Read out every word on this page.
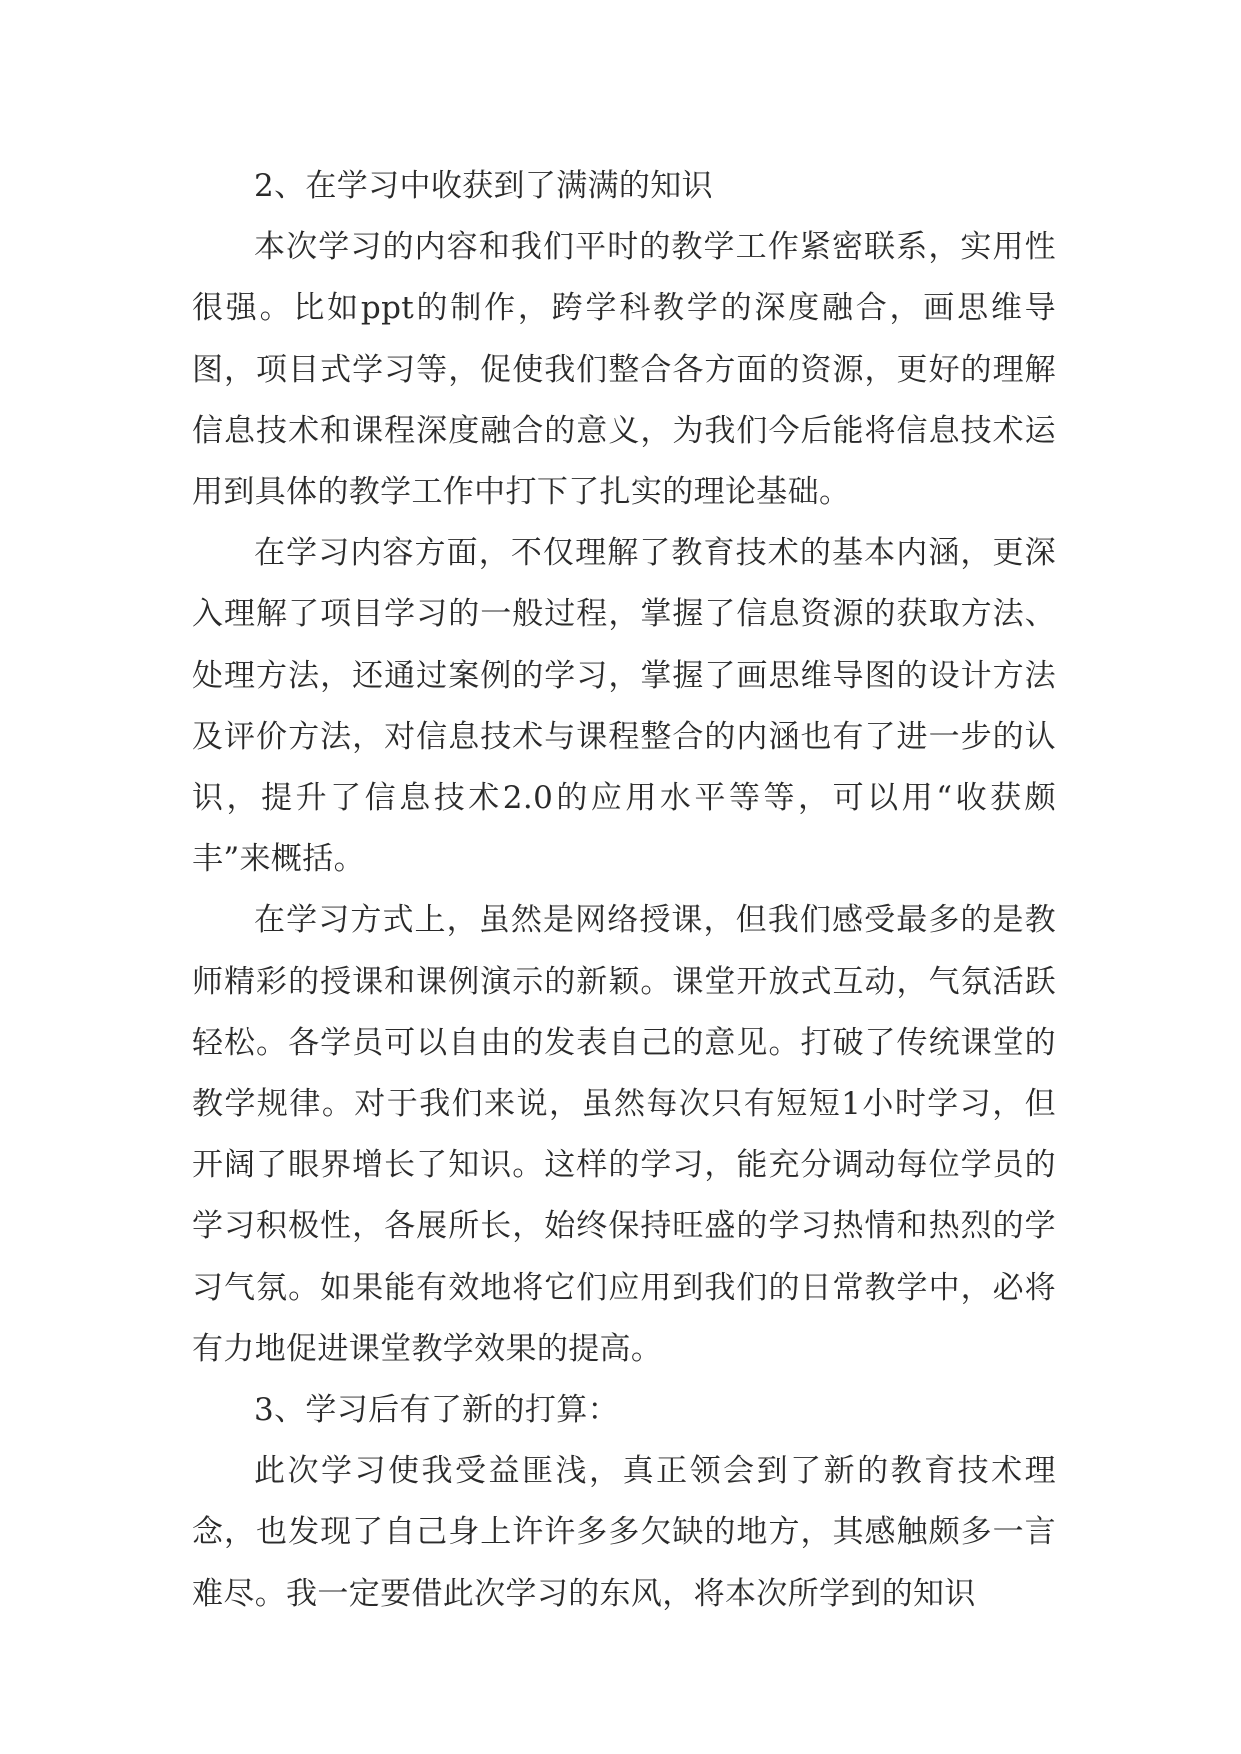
2、在学习中收获到了满满的知识

本次学习的内容和我们平时的教学工作紧密联系，实用性很强。比如ppt的制作，跨学科教学的深度融合，画思维导图，项目式学习等，促使我们整合各方面的资源，更好的理解信息技术和课程深度融合的意义，为我们今后能将信息技术运用到具体的教学工作中打下了扎实的理论基础。

在学习内容方面，不仅理解了教育技术的基本内涵，更深入理解了项目学习的一般过程，掌握了信息资源的获取方法、处理方法，还通过案例的学习，掌握了画思维导图的设计方法及评价方法，对信息技术与课程整合的内涵也有了进一步的认识，提升了信息技术2.0的应用水平等等，可以用“收获颇丰”来概括。

在学习方式上，虽然是网络授课，但我们感受最多的是教师精彩的授课和课例演示的新颖。课堂开放式互动，气氛活跃轻松。各学员可以自由的发表自己的意见。打破了传统课堂的教学规律。对于我们来说，虽然每次只有短短1小时学习，但开阔了眼界增长了知识。这样的学习，能充分调动每位学员的学习积极性，各展所长，始终保持旺盛的学习热情和热烈的学习气氛。如果能有效地将它们应用到我们的日常教学中，必将有力地促进课堂教学效果的提高。

3、学习后有了新的打算：

此次学习使我受益匪浅，真正领会到了新的教育技术理念，也发现了自己身上许许多多欠缺的地方，其感触颇多一言难尽。我一定要借此次学习的东风，将本次所学到的知识
